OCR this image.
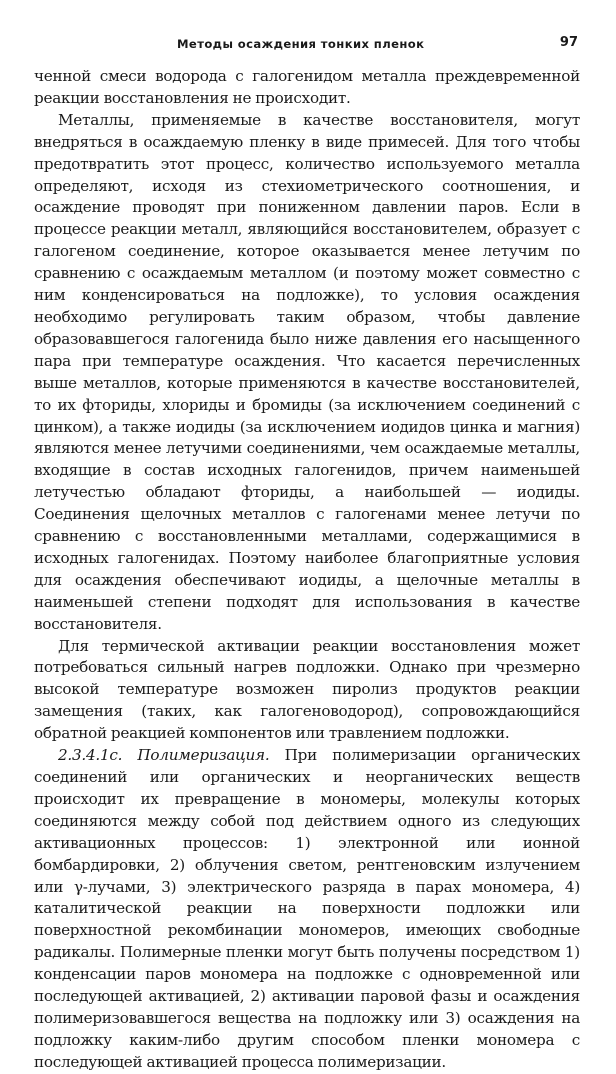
Методы осаждения тонких пленок	97

ченной смеси водорода с галогенидом металла преждевременной реакции восстановления не происходит.

Металлы, применяемые в качестве восстановителя, могут внедряться в осаждаемую пленку в виде примесей. Для того чтобы предотвратить этот процесс, количество используемого металла определяют, исходя из стехиометрического соотношения, и осаждение проводят при пониженном давлении паров. Если в процессе реакции металл, являющийся восстановителем, образует с галогеном соединение, которое оказывается менее летучим по сравнению с осаждаемым металлом (и поэтому может совместно с ним конденсироваться на подложке), то условия осаждения необходимо регулировать таким образом, чтобы давление образовавшегося галогенида было ниже давления его насыщенного пара при температуре осаждения. Что касается перечисленных выше металлов, которые применяются в качестве восстановителей, то их фториды, хлориды и бромиды (за исключением соединений с цинком), а также иодиды (за исключением иодидов цинка и магния) являются менее летучими соединениями, чем осаждаемые металлы, входящие в состав исходных галогенидов, причем наименьшей летучестью обладают фториды, а наибольшей — иодиды. Соединения щелочных металлов с галогенами менее летучи по сравнению с восстановленными металлами, содержащимися в исходных галогенидах. Поэтому наиболее благоприятные условия для осаждения обеспечивают иодиды, а щелочные металлы в наименьшей степени подходят для использования в качестве восстановителя.

Для термической активации реакции восстановления может потребоваться сильный нагрев подложки. Однако при чрезмерно высокой температуре возможен пиролиз продуктов реакции замещения (таких, как галогеноводород), сопровождающийся обратной реакцией компонентов или травлением подложки.

2.3.4.1с. Полимеризация. При полимеризации органических соединений или органических и неорганических веществ происходит их превращение в мономеры, молекулы которых соединяются между собой под действием одного из следующих активационных процессов: 1) электронной или ионной бомбардировки, 2) облучения светом, рентгеновским излучением или γ-лучами, 3) электрического разряда в парах мономера, 4) каталитической реакции на поверхности подложки или поверхностной рекомбинации мономеров, имеющих свободные радикалы. Полимерные пленки могут быть получены посредством 1) конденсации паров мономера на подложке с одновременной или последующей активацией, 2) активации паровой фазы и осаждения полимеризовавшегося вещества на подложку или 3) осаждения на подложку каким-либо другим способом пленки мономера с последующей активацией процесса полимеризации.
